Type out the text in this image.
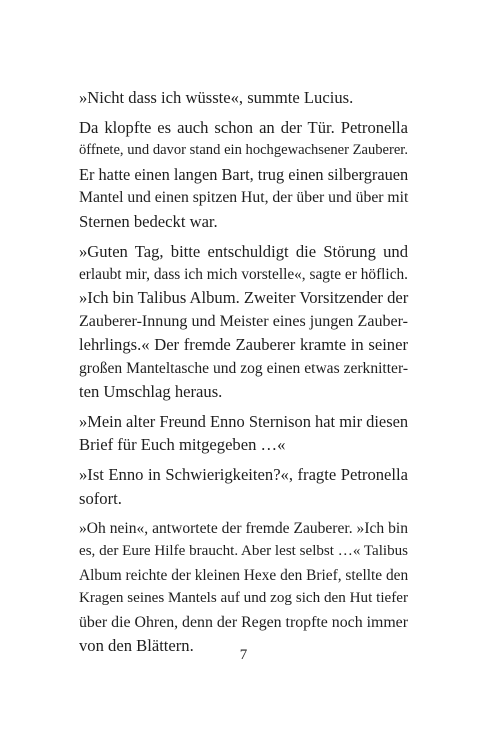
»Nicht dass ich wüsste«, summte Lucius.

Da klopfte es auch schon an der Tür. Petronella
öffnete, und davor stand ein hochgewachsener Zauberer.
Er hatte einen langen Bart, trug einen silbergrauen
Mantel und einen spitzen Hut, der über und über mit
Sternen bedeckt war.

»Guten Tag, bitte entschuldigt die Störung und
erlaubt mir, dass ich mich vorstelle«, sagte er höflich.
»Ich bin Talibus Album. Zweiter Vorsitzender der
Zauberer-Innung und Meister eines jungen Zauber-
lehrlings.« Der fremde Zauberer kramte in seiner
großen Manteltasche und zog einen etwas zerknitter-
ten Umschlag heraus.

»Mein alter Freund Enno Sternison hat mir diesen
Brief für Euch mitgegeben …«

»Ist Enno in Schwierigkeiten?«, fragte Petronella
sofort.

»Oh nein«, antwortete der fremde Zauberer. »Ich bin
es, der Eure Hilfe braucht. Aber lest selbst …« Talibus
Album reichte der kleinen Hexe den Brief, stellte den
Kragen seines Mantels auf und zog sich den Hut tiefer
über die Ohren, denn der Regen tropfte noch immer
von den Blättern.

7
